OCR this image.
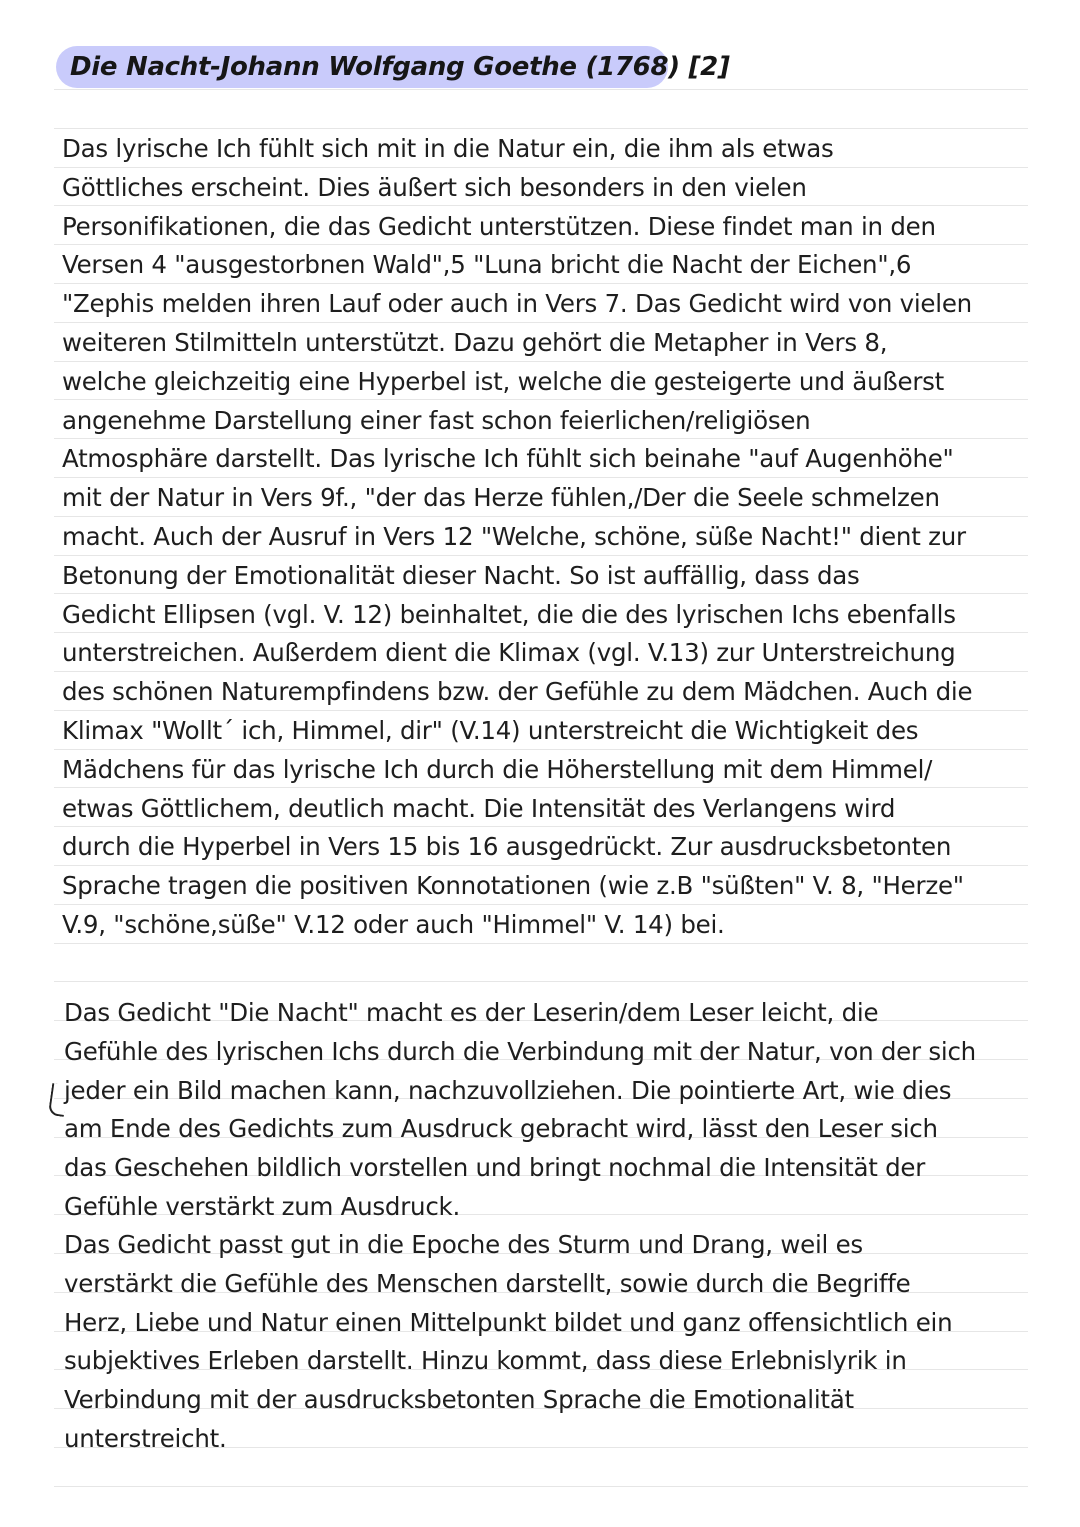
Die Nacht-Johann Wolfgang Goethe (1768) [2]
Das lyrische Ich fühlt sich mit in die Natur ein, die ihm als etwas
Göttliches erscheint. Dies äußert sich besonders in den vielen
Personifikationen, die das Gedicht unterstützen. Diese findet man in den
Versen 4 "ausgestorbnen Wald",5 "Luna bricht die Nacht der Eichen",6
"Zephis melden ihren Lauf oder auch in Vers 7. Das Gedicht wird von vielen
weiteren Stilmitteln unterstützt. Dazu gehört die Metapher in Vers 8,
welche gleichzeitig eine Hyperbel ist, welche die gesteigerte und äußerst
angenehme Darstellung einer fast schon feierlichen/religiösen
Atmosphäre darstellt. Das lyrische Ich fühlt sich beinahe "auf Augenhöhe"
mit der Natur in Vers 9f., "der das Herze fühlen,/Der die Seele schmelzen
macht. Auch der Ausruf in Vers 12 "Welche, schöne, süße Nacht!" dient zur
Betonung der Emotionalität dieser Nacht. So ist auffällig, dass das
Gedicht Ellipsen (vgl. V. 12) beinhaltet, die die des lyrischen Ichs ebenfalls
unterstreichen. Außerdem dient die Klimax (vgl. V.13) zur Unterstreichung
des schönen Naturempfindens bzw. der Gefühle zu dem Mädchen. Auch die
Klimax "Wollt´ ich, Himmel, dir" (V.14) unterstreicht die Wichtigkeit des
Mädchens für das lyrische Ich durch die Höherstellung mit dem Himmel/
etwas Göttlichem, deutlich macht. Die Intensität des Verlangens wird
durch die Hyperbel in Vers 15 bis 16 ausgedrückt. Zur ausdrucksbetonten
Sprache tragen die positiven Konnotationen (wie z.B "süßten" V. 8, "Herze"
V.9, "schöne,süße" V.12 oder auch "Himmel" V. 14) bei.
Das Gedicht "Die Nacht" macht es der Leserin/dem Leser leicht, die
Gefühle des lyrischen Ichs durch die Verbindung mit der Natur, von der sich
jeder ein Bild machen kann, nachzuvollziehen. Die pointierte Art, wie dies
am Ende des Gedichts zum Ausdruck gebracht wird, lässt den Leser sich
das Geschehen bildlich vorstellen und bringt nochmal die Intensität der
Gefühle verstärkt zum Ausdruck.
Das Gedicht passt gut in die Epoche des Sturm und Drang, weil es
verstärkt die Gefühle des Menschen darstellt, sowie durch die Begriffe
Herz, Liebe und Natur einen Mittelpunkt bildet und ganz offensichtlich ein
subjektives Erleben darstellt. Hinzu kommt, dass diese Erlebnislyrik in
Verbindung mit der ausdrucksbetonten Sprache die Emotionalität
unterstreicht.
